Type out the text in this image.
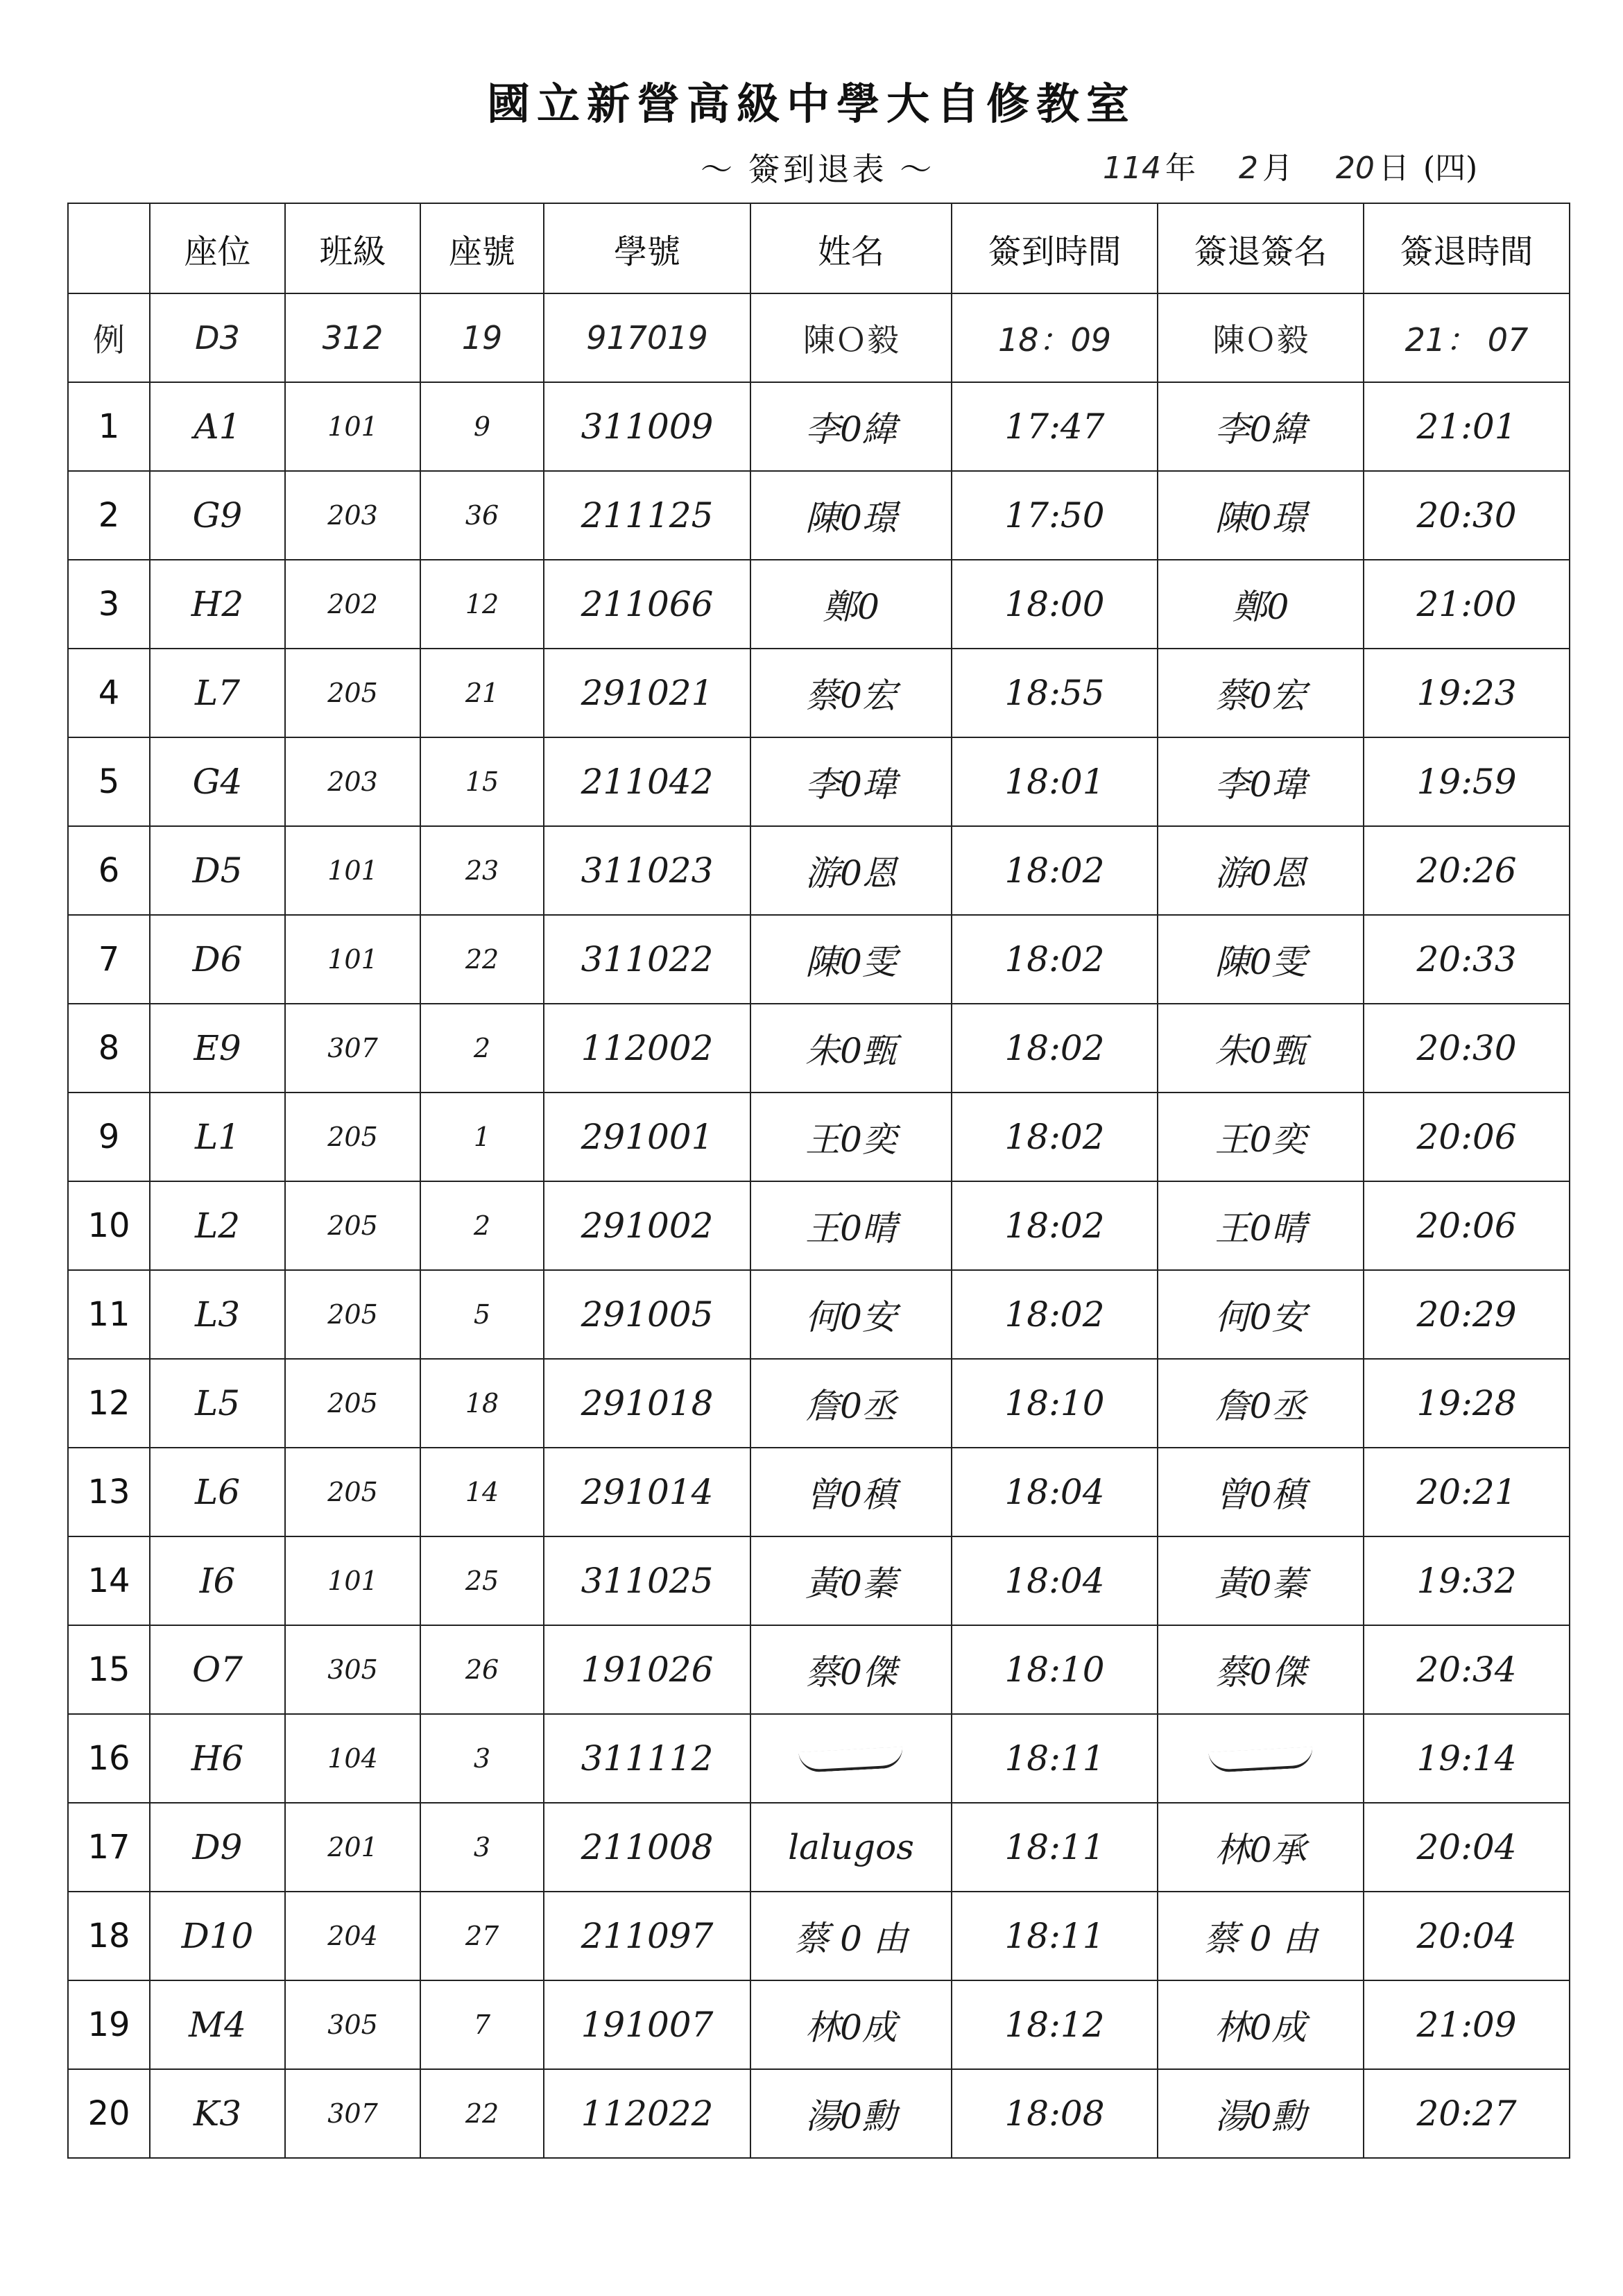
國立新營高級中學大自修教室
～ 簽到退表 ～	114 年 2 月 20 日 (四)
	座位	班級	座號	學號	姓名	簽到時間	簽退簽名	簽退時間
例	D3	312	19	917019	陳Ｏ毅	18：09	陳Ｏ毅	21： 07
1	A1	101	9	311009	李0緯	17:47	李0緯	21:01
2	G9	203	36	211125	陳0璟	17:50	陳0璟	20:30
3	H2	202	12	211066	鄭0	18:00	鄭0	21:00
4	L7	205	21	291021	蔡0宏	18:55	蔡0宏	19:23
5	G4	203	15	211042	李0瑋	18:01	李0瑋	19:59
6	D5	101	23	311023	游0恩	18:02	游0恩	20:26
7	D6	101	22	311022	陳0雯	18:02	陳0雯	20:33
8	E9	307	2	112002	朱0甄	18:02	朱0甄	20:30
9	L1	205	1	291001	王0奕	18:02	王0奕	20:06
10	L2	205	2	291002	王0晴	18:02	王0晴	20:06
11	L3	205	5	291005	何0安	18:02	何0安	20:29
12	L5	205	18	291018	詹0丞	18:10	詹0丞	19:28
13	L6	205	14	291014	曾0稹	18:04	曾0稹	20:21
14	I6	101	25	311025	黃0蓁	18:04	黃0蓁	19:32
15	O7	305	26	191026	蔡0傑	18:10	蔡0傑	20:34
16	H6	104	3	311112		18:11		19:14
17	D9	201	3	211008	lalugos	18:11	林0承	20:04
18	D10	204	27	211097	蔡 0 由	18:11	蔡 0 由	20:04
19	M4	305	7	191007	林0成	18:12	林0成	21:09
20	K3	307	22	112022	湯0勳	18:08	湯0勳	20:27
